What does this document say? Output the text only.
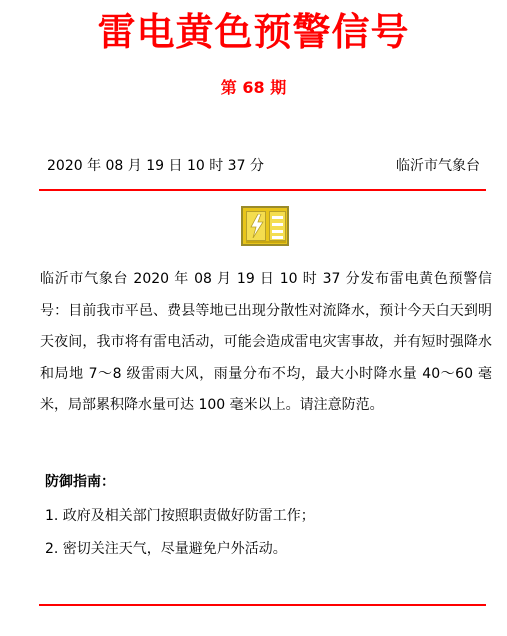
雷电黄色预警信号
第 68 期
2020 年 08 月 19 日 10 时 37 分	临沂市气象台
临沂市气象台 2020 年 08 月 19 日 10 时 37 分发布雷电黄色预警信号：目前我市平邑、费县等地已出现分散性对流降水，预计今天白天到明天夜间，我市将有雷电活动，可能会造成雷电灾害事故，并有短时强降水和局地 7～8 级雷雨大风，雨量分布不均，最大小时降水量 40～60 毫米，局部累积降水量可达 100 毫米以上。请注意防范。
防御指南：
1. 政府及相关部门按照职责做好防雷工作；
2. 密切关注天气，尽量避免户外活动。
